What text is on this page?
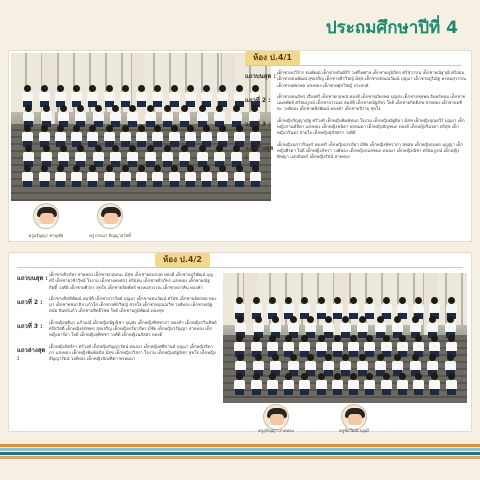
ประถมศึกษาปีที่ 4
ห้อง ป.4/1
ครูอรัญญา ชาญชัย	ครูวรรณา ปัญญาสวัสดิ์
แถวบนสุด : เด็กชายปวีร์กร ธนพัฒน์ เด็กชายกันต์ธีร์ วงศ์ไพศาล เด็กชายภูมิภัทร ศรีสุวรรณ เด็กชายณัฐวุฒิ ศรีอ่อน เด็กชายธนพัฒน์ สุขเจริญ เด็กชายสิรวิชญ์ มีสุข เด็กชายปัณณวัฒน์ บุญมา เด็กชายภูริณัฐ พรหมสุวรรณ เด็กชายพชรพล แสงทอง เด็กชายศุภวิชญ์ ประสงค์
แถวที่ 2 :	เด็กชายธนภัทร เรืองศรี เด็กชายกฤษณ์ ทองดี เด็กชายภัทรพล บุญส่ง เด็กชายชยพล จันทร์หอม เด็กชายนนทพัทธ์ ศรีสมบูรณ์ เด็กชายวรเมธ สมบัติ เด็กชายณัฐภัทร ใจดี เด็กชายกิตติภพ สายทอง เด็กชายอชิตะ วงศ์ทอง เด็กชายพีรพัฒน์ ทองคำ เด็กชายจิรายุ สุขใจ
แถวที่ 3 :	เด็กหญิงกัญญาณัฐ ศรีวงศ์ เด็กหญิงพิมพ์ชนก ใจงาม เด็กหญิงณัฐธิดา มีสุข เด็กหญิงปุณยวีร์ บุญมา เด็กหญิงกานต์ธิดา แสงทอง เด็กหญิงชนิดา พรหมมา เด็กหญิงธัญชนก ทองดี เด็กหญิงรินรดา ศรีสุข เด็กหญิงวรินทร สายใจ เด็กหญิงสุภัสสรา วงศ์ดี
แถวล่างสุด :
เด็กหญิงปภาวรินทร์ ทองศรี เด็กหญิงอรปรียา มีชัย เด็กหญิงพัชราภา สุขสม เด็กหญิงธนพร บุญญา เด็กหญิงศิรดา ใจดี เด็กหญิงภัทรา วงศ์ทอง เด็กหญิงกมลชนก ทองมา เด็กหญิงณิชา ศรีสมบูรณ์ เด็กหญิงพิชญา แสงจันทร์ เด็กหญิงรัชนี สายทอง
ห้อง ป.4/2
แถวบนสุด : เด็กชายจิรภัทร สายทอง เด็กชายกฤษณะ มีสุข เด็กชายธนกฤต ทองดี เด็กชายภูริพัฒน์ บุญศรี เด็กชายวชิรวิทย์ ใจงาม เด็กชายพงศกร ศรีอ่อน เด็กชายธีรภัทร แสงทอง เด็กชายณัฐกิตติ์ วงศ์ดี เด็กชายศิวกร สุขใจ เด็กชายปิยพัทธ์ พรหมสุวรรณ เด็กชายภาคิน ทองคำ
แถวที่ 2 :	เด็กชายกิตติพัฒน์ สมบัติ เด็กชายวรวิทย์ บุญมา เด็กชายธนวัฒน์ ศรีสุข เด็กชายอัครพล ทองมา เด็กชายชนาธิป แก้วใส เด็กชายพีรวิชญ์ สายใจ เด็กชายปุณณวิช วงศ์ทอง เด็กชายณัฐดนัย จันทร์แก้ว เด็กชายสิทธิโชค ใจดี เด็กชายภูมิพัฒน์ ทองสุข
แถวที่ 3 :	เด็กหญิงชุติมา แก้วมณี เด็กหญิงณัฐณิชา บุญส่ง เด็กหญิงพิชชาภา ทองคำ เด็กหญิงกวินทิพย์ ศรีสวัสดิ์ เด็กหญิงธนัชพร สุขเจริญ เด็กหญิงปรียาภัทร มีชัย เด็กหญิงวรัญญา สายทอง เด็กหญิงอารียา ใจดี เด็กหญิงสุพิชชา วงศ์ดี เด็กหญิงนภัสสร ทองดี
แถวล่างสุด :
เด็กหญิงภัคจิรา ศรีวงศ์ เด็กหญิงกัญญารัตน์ ทองมา เด็กหญิงศศิกานต์ บุญมา เด็กหญิงจิดาภา แสงทอง เด็กหญิงพิมพ์ลภัส มีสุข เด็กหญิงรวิสรา ใจงาม เด็กหญิงณัฐนิชา สุขใจ เด็กหญิงธัญญารัตน์ วงศ์ทอง เด็กหญิงปัณฑิตา พรหมมา
ครูสุกัญญา สายทอง	ครูชัยวัฒน์ บุญมี
